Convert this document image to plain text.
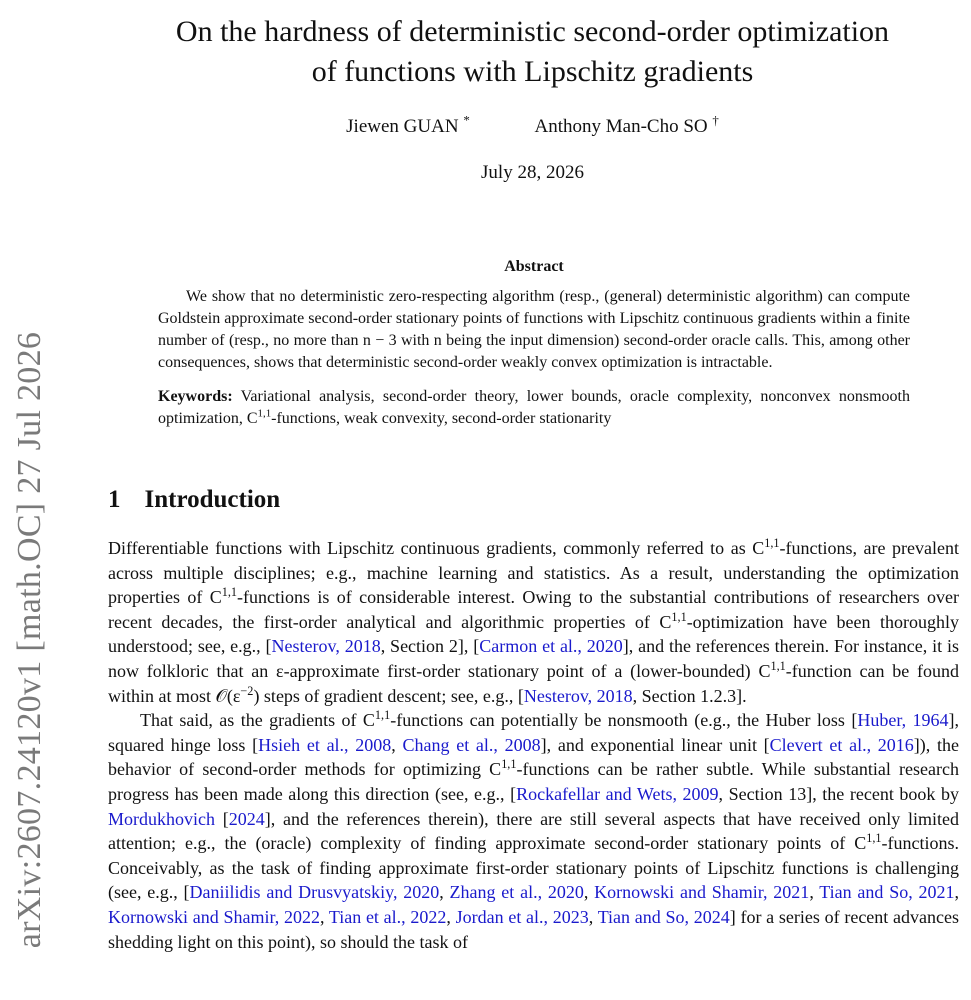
arXiv:2607.24120v1 [math.OC] 27 Jul 2026
On the hardness of deterministic second-order optimization
of functions with Lipschitz gradients
Jiewen GUAN *	Anthony Man-Cho SO †
July 28, 2026
Abstract

We show that no deterministic zero-respecting algorithm (resp., (general) deterministic algorithm) can compute Goldstein approximate second-order stationary points of functions with Lipschitz continuous gradients within a finite number of (resp., no more than n − 3 with n being the input dimension) second-order oracle calls. This, among other consequences, shows that deterministic second-order weakly convex optimization is intractable.

Keywords: Variational analysis, second-order theory, lower bounds, oracle complexity, nonconvex nonsmooth optimization, C$^{1,1}$-functions, weak convexity, second-order stationarity
1 Introduction

Differentiable functions with Lipschitz continuous gradients, commonly referred to as C$^{1,1}$-functions, are prevalent across multiple disciplines; e.g., machine learning and statistics. As a result, understanding the optimization properties of C$^{1,1}$-functions is of considerable interest. Owing to the substantial contributions of researchers over recent decades, the first-order analytical and algorithmic properties of C$^{1,1}$-optimization have been thoroughly understood; see, e.g., [Nesterov, 2018, Section 2], [Carmon et al., 2020], and the references therein. For instance, it is now folkloric that an ε-approximate first-order stationary point of a (lower-bounded) C$^{1,1}$-function can be found within at most $𝒪(\varepsilon^{-2})$ steps of gradient descent; see, e.g., [Nesterov, 2018, Section 1.2.3].

That said, as the gradients of C$^{1,1}$-functions can potentially be nonsmooth (e.g., the Huber loss [Huber, 1964], squared hinge loss [Hsieh et al., 2008, Chang et al., 2008], and exponential linear unit [Clevert et al., 2016]), the behavior of second-order methods for optimizing C$^{1,1}$-functions can be rather subtle. While substantial research progress has been made along this direction (see, e.g., [Rockafellar and Wets, 2009, Section 13], the recent book by Mordukhovich [2024], and the references therein), there are still several aspects that have received only limited attention; e.g., the (oracle) complexity of finding approximate second-order stationary points of C$^{1,1}$-functions. Conceivably, as the task of finding approximate first-order stationary points of Lipschitz functions is challenging (see, e.g., [Daniilidis and Drusvyatskiy, 2020, Zhang et al., 2020, Kornowski and Shamir, 2021, Tian and So, 2021, Kornowski and Shamir, 2022, Tian et al., 2022, Jordan et al., 2023, Tian and So, 2024] for a series of recent advances shedding light on this point), so should the task of
